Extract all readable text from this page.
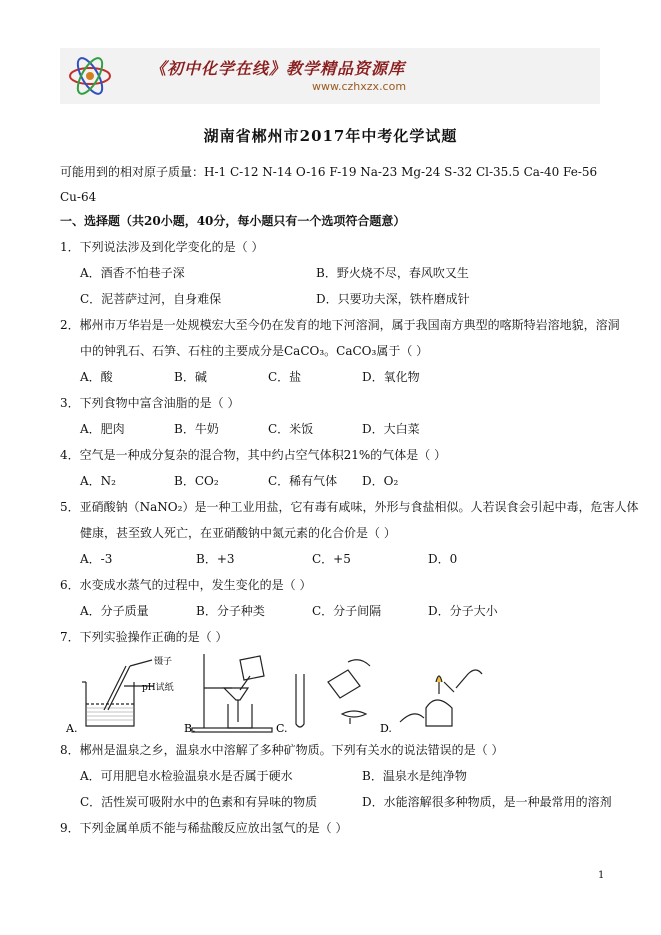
《初中化学在线》教学精品资源库
www.czhxzx.com
湖南省郴州市2017年中考化学试题
可能用到的相对原子质量：H-1 C-12 N-14 O-16 F-19 Na-23 Mg-24 S-32 Cl-35.5 Ca-40 Fe-56
Cu-64
一、选择题（共20小题，40分，每小题只有一个选项符合题意）
1．下列说法涉及到化学变化的是（ ）
A．酒香不怕巷子深	B．野火烧不尽，春风吹又生
C．泥菩萨过河，自身难保	D．只要功夫深，铁杵磨成针
2．郴州市万华岩是一处规模宏大至今仍在发育的地下河溶洞，属于我国南方典型的喀斯特岩溶地貌，溶洞
中的钟乳石、石笋、石柱的主要成分是CaCO₃。CaCO₃属于（ ）
A．酸	B．碱	C．盐	D．氧化物
3．下列食物中富含油脂的是（ ）
A．肥肉	B．牛奶	C．米饭	D．大白菜
4．空气是一种成分复杂的混合物，其中约占空气体积21%的气体是（ ）
A．N₂	B．CO₂	C．稀有气体 D．O₂
5．亚硝酸钠（NaNO₂）是一种工业用盐，它有毒有咸味，外形与食盐相似。人若误食会引起中毒，危害人体
健康，甚至致人死亡，在亚硝酸钠中氮元素的化合价是（ ）
A．-3	B．+3	C．+5	D．0
6．水变成水蒸气的过程中，发生变化的是（ ）
A．分子质量	B．分子种类	C．分子间隔	D．分子大小
7．下列实验操作正确的是（ ）
镊子
pH试纸
A.	B.	C.	D.
8．郴州是温泉之乡，温泉水中溶解了多种矿物质。下列有关水的说法错误的是（ ）
A．可用肥皂水检验温泉水是否属于硬水	B．温泉水是纯净物
C．活性炭可吸附水中的色素和有异味的物质	D．水能溶解很多种物质，是一种最常用的溶剂
9．下列金属单质不能与稀盐酸反应放出氢气的是（ ）
1
